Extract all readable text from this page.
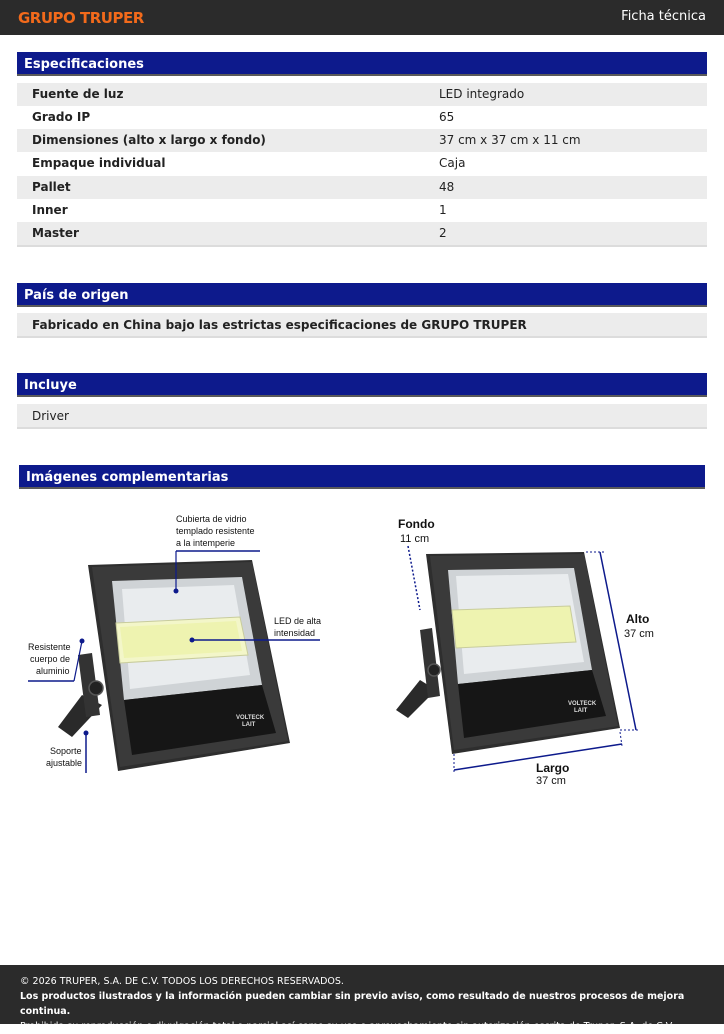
GRUPO TRUPER	Ficha técnica
Especificaciones
Fuente de luz	LED integrado
Grado IP	65
Dimensiones (alto x largo x fondo)	37 cm x 37 cm x 11 cm
Empaque individual	Caja
Pallet	48
Inner	1
Master	2
País de origen
Fabricado en China bajo las estrictas especificaciones de GRUPO TRUPER
Incluye
Driver
Imágenes complementarias
VOLTECK
LAIT
Cubierta de vidrio
templado resistente
a la intemperie
LED de alta
intensidad
Resistente
cuerpo de
aluminio
Soporte
ajustable
VOLTECK
LAIT
Fondo
11 cm
Alto
37 cm
Largo
37 cm
© 2026 TRUPER, S.A. DE C.V. TODOS LOS DERECHOS RESERVADOS.
Los productos ilustrados y la información pueden cambiar sin previo aviso, como resultado de nuestros procesos de mejora continua.
Prohibida su reproducción o divulgación total o parcial así como su uso o aprovechamiento sin autorización escrita de Truper, S.A. de C.V.
